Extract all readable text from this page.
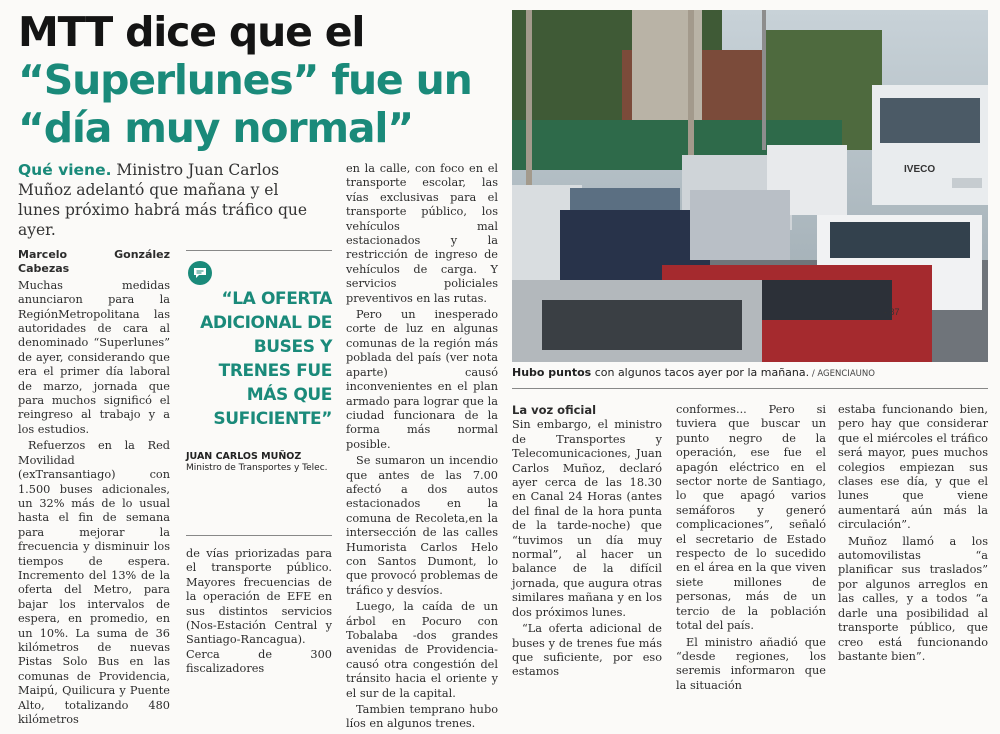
MTT dice que el
“Superlunes” fue un
“día muy normal”
Qué viene. Ministro Juan Carlos Muñoz adelantó que mañana y el lunes próximo habrá más tráfico que ayer.
Marcelo González Cabezas

Muchas medidas anunciaron para la RegiónMetropolitana las autoridades de cara al denominado “Superlunes” de ayer, considerando que era el primer día laboral de marzo, jornada que para muchos significó el reingreso al trabajo y a los estudios.

Refuerzos en la Red Movilidad (exTransantiago) con 1.500 buses adicionales, un 32% más de lo usual hasta el fin de semana para mejorar la frecuencia y disminuir los tiempos de espera. Incremento del 13% de la oferta del Metro, para bajar los intervalos de espera, en promedio, en un 10%. La suma de 36 kilómetros de nuevas Pistas Solo Bus en las comunas de Providencia, Maipú, Quilicura y Puente Alto, totalizando 480 kilómetros

“LA OFERTA ADICIONAL DE BUSES Y TRENES FUE MÁS QUE SUFICIENTE”

JUAN CARLOS MUÑOZ
Ministro de Transportes y Telec.

de vías priorizadas para el transporte público. Mayores frecuencias de la operación de EFE en sus distintos servicios (Nos-Estación Central y Santiago-Rancagua). Cerca de 300 fiscalizadores

en la calle, con foco en el transporte escolar, las vías exclusivas para el transporte público, los vehículos mal estacionados y la restricción de ingreso de vehículos de carga. Y servicios policiales preventivos en las rutas.

Pero un inesperado corte de luz en algunas comunas de la región más poblada del país (ver nota aparte) causó inconvenientes en el plan armado para lograr que la ciudad funcionara de la forma más normal posible.

Se sumaron un incendio que antes de las 7.00 afectó a dos autos estacionados en la comuna de Recoleta,en la intersección de las calles Humorista Carlos Helo con Santos Dumont, lo que provocó problemas de tráfico y desvíos.

Luego, la caída de un árbol en Pocuro con Tobalaba -dos grandes avenidas de Providencia- causó otra congestión del tránsito hacia el oriente y el sur de la capital.

Tambien temprano hubo líos en algunos trenes.

IVECO
- 87
Hubo puntos con algunos tacos ayer por la mañana. / AGENCIAUNO
La voz oficial

Sin embargo, el ministro de Transportes y Telecomunicaciones, Juan Carlos Muñoz, declaró ayer cerca de las 18.30 en Canal 24 Horas (antes del final de la hora punta de la tarde-noche) que “tuvimos un día muy normal”, al hacer un balance de la difícil jornada, que augura otras similares mañana y en los dos próximos lunes.

“La oferta adicional de buses y de trenes fue más que suficiente, por eso estamos

conformes... Pero si tuviera que buscar un punto negro de la operación, ese fue el apagón eléctrico en el sector norte de Santiago, lo que apagó varios semáforos y generó complicaciones”, señaló el secretario de Estado respecto de lo sucedido en el área en la que viven siete millones de personas, más de un tercio de la población total del país.

El ministro añadió que “desde regiones, los seremis informaron que la situación

estaba funcionando bien, pero hay que considerar que el miércoles el tráfico será mayor, pues muchos colegios empiezan sus clases ese día, y que el lunes que viene aumentará aún más la circulación”.

Muñoz llamó a los automovilistas “a planificar sus traslados” por algunos arreglos en las calles, y a todos “a darle una posibilidad al transporte público, que creo está funcionando bastante bien”.
